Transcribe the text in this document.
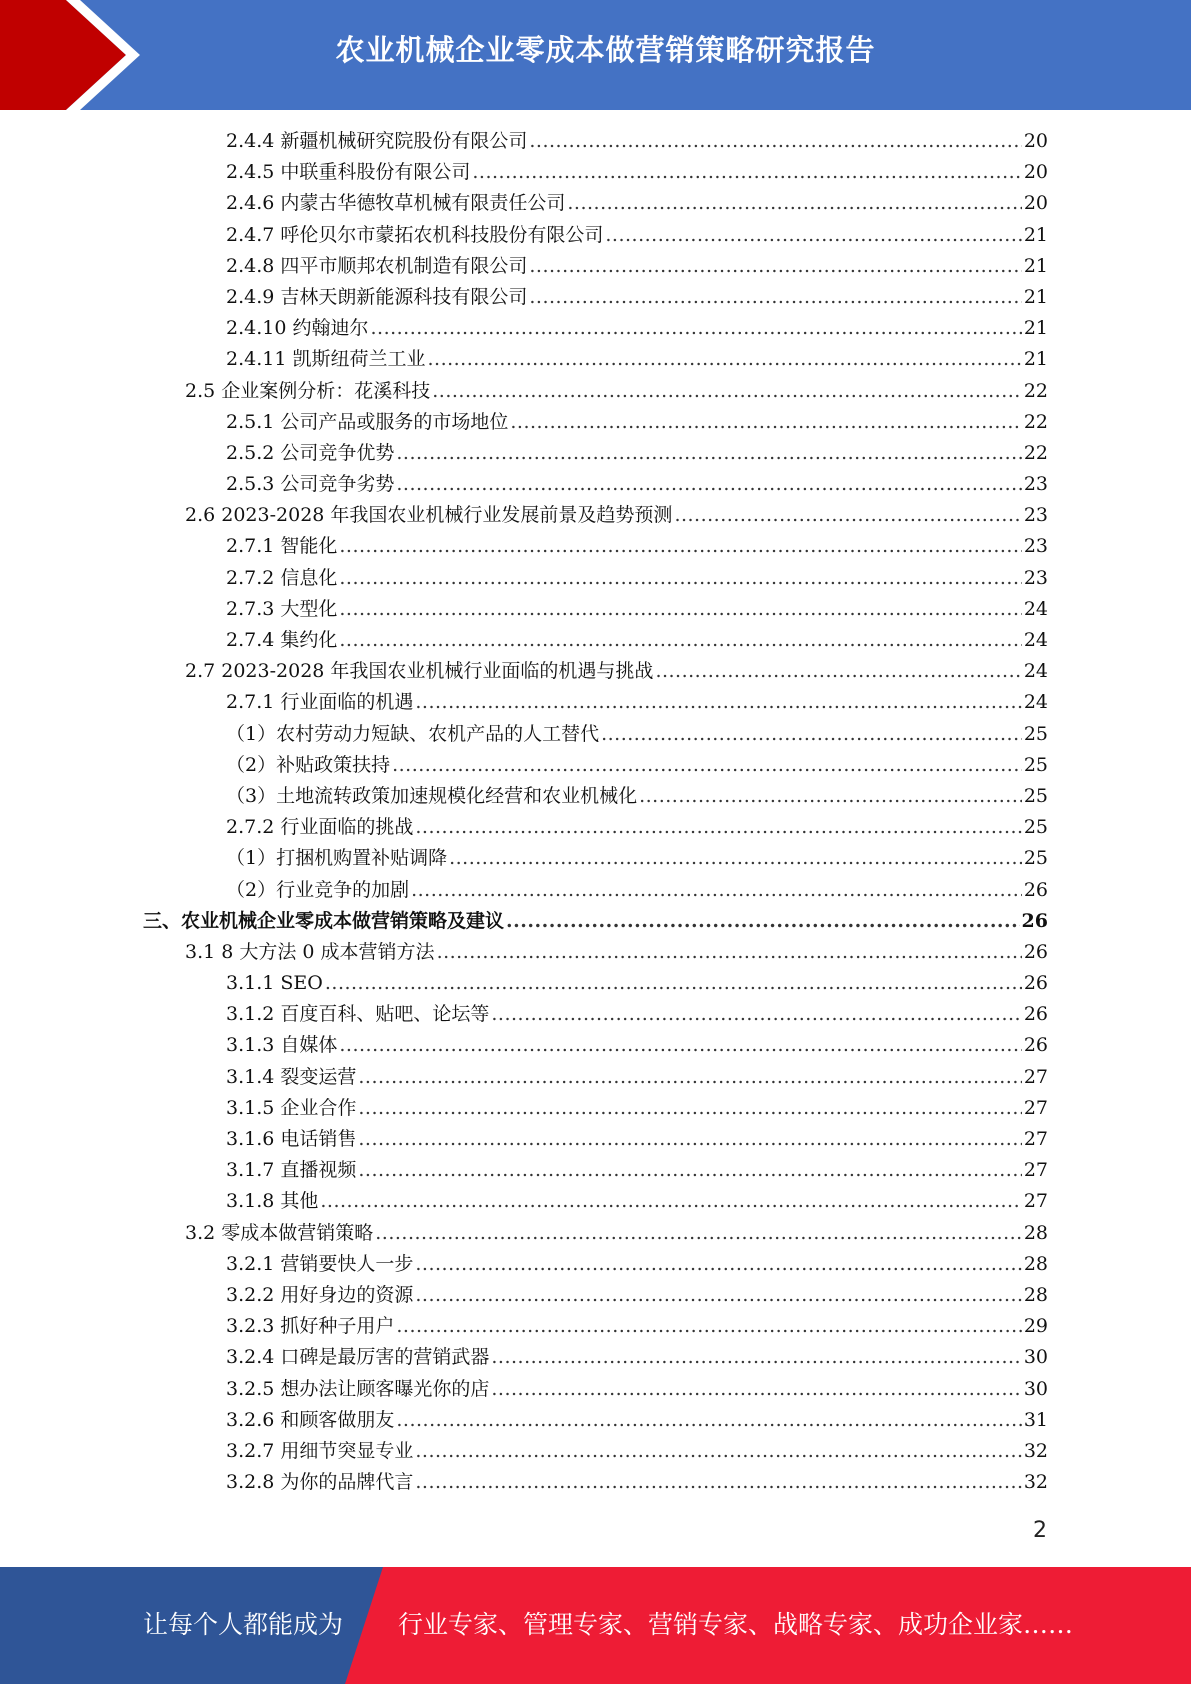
农业机械企业零成本做营销策略研究报告
2.4.4 新疆机械研究院股份有限公司 .....	20
2.4.5 中联重科股份有限公司 .....	20
2.4.6 内蒙古华德牧草机械有限责任公司 .....	20
2.4.7 呼伦贝尔市蒙拓农机科技股份有限公司 .....	21
2.4.8 四平市顺邦农机制造有限公司 .....	21
2.4.9 吉林天朗新能源科技有限公司 .....	21
2.4.10 约翰迪尔 .....	21
2.4.11 凯斯纽荷兰工业 .....	21
2.5 企业案例分析：花溪科技 .....	22
2.5.1 公司产品或服务的市场地位 .....	22
2.5.2 公司竞争优势 .....	22
2.5.3 公司竞争劣势 .....	23
2.6 2023-2028 年我国农业机械行业发展前景及趋势预测 .....	23
2.7.1 智能化 .....	23
2.7.2 信息化 .....	23
2.7.3 大型化 .....	24
2.7.4 集约化 .....	24
2.7 2023-2028 年我国农业机械行业面临的机遇与挑战 .....	24
2.7.1 行业面临的机遇 .....	24
（1）农村劳动力短缺、农机产品的人工替代 .....	25
（2）补贴政策扶持 .....	25
（3）土地流转政策加速规模化经营和农业机械化 .....	25
2.7.2 行业面临的挑战 .....	25
（1）打捆机购置补贴调降 .....	25
（2）行业竞争的加剧 .....	26
三、农业机械企业零成本做营销策略及建议 .....	26
3.1 8 大方法 0 成本营销方法 .....	26
3.1.1 SEO .....	26
3.1.2 百度百科、贴吧、论坛等 .....	26
3.1.3 自媒体 .....	26
3.1.4 裂变运营 .....	27
3.1.5 企业合作 .....	27
3.1.6 电话销售 .....	27
3.1.7 直播视频 .....	27
3.1.8 其他 .....	27
3.2 零成本做营销策略 .....	28
3.2.1 营销要快人一步 .....	28
3.2.2 用好身边的资源 .....	28
3.2.3 抓好种子用户 .....	29
3.2.4 口碑是最厉害的营销武器 .....	30
3.2.5 想办法让顾客曝光你的店 .....	30
3.2.6 和顾客做朋友 .....	31
3.2.7 用细节突显专业 .....	32
3.2.8 为你的品牌代言 .....	32
2
让每个人都能成为 行业专家、管理专家、营销专家、战略专家、成功企业家……
